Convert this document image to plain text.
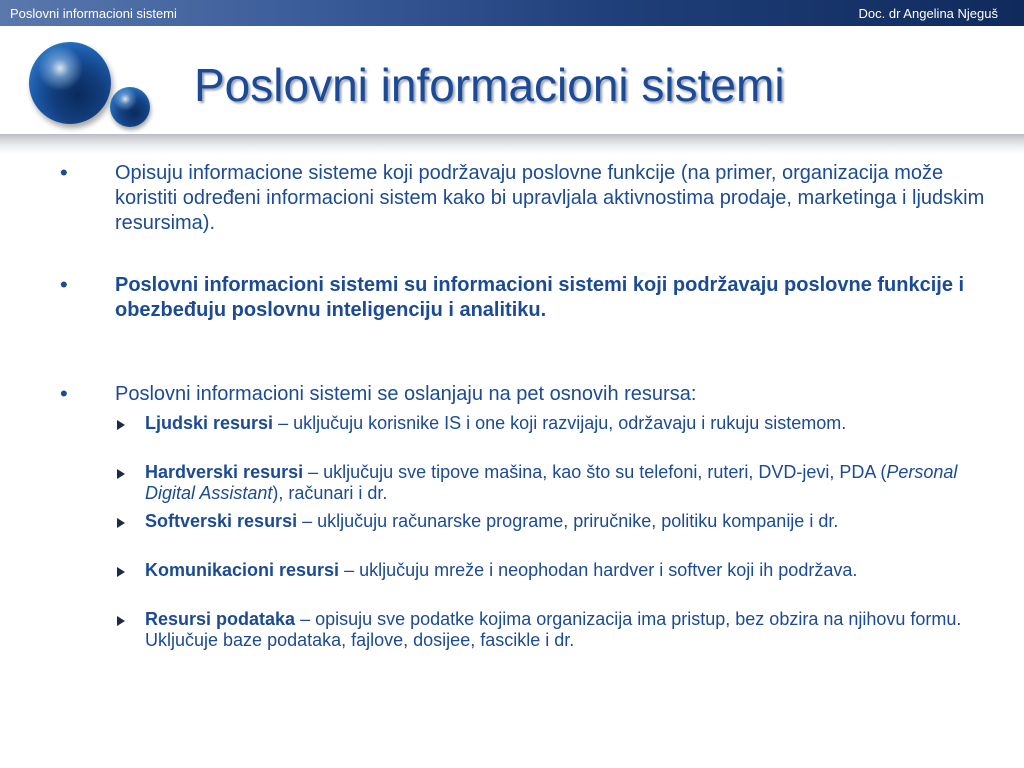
Poslovni informacioni sistemi	Doc. dr Angelina Njeguš
Poslovni informacioni sistemi
• Opisuju informacione sisteme koji podržavaju poslovne funkcije (na primer, organizacija može koristiti određeni informacioni sistem kako bi upravljala aktivnostima prodaje, marketinga i ljudskim resursima).
• Poslovni informacioni sistemi su informacioni sistemi koji podržavaju poslovne funkcije i obezbeđuju poslovnu inteligenciju i analitiku.
• Poslovni informacioni sistemi se oslanjaju na pet osnovih resursa:
Ljudski resursi – uključuju korisnike IS i one koji razvijaju, održavaju i rukuju sistemom.
Hardverski resursi – uključuju sve tipove mašina, kao što su telefoni, ruteri, DVD-jevi, PDA (Personal Digital Assistant), računari i dr.
Softverski resursi – uključuju računarske programe, priručnike, politiku kompanije i dr.
Komunikacioni resursi – uključuju mreže i neophodan hardver i softver koji ih podržava.
Resursi podataka – opisuju sve podatke kojima organizacija ima pristup, bez obzira na njihovu formu. Uključuje baze podataka, fajlove, dosijee, fascikle i dr.
